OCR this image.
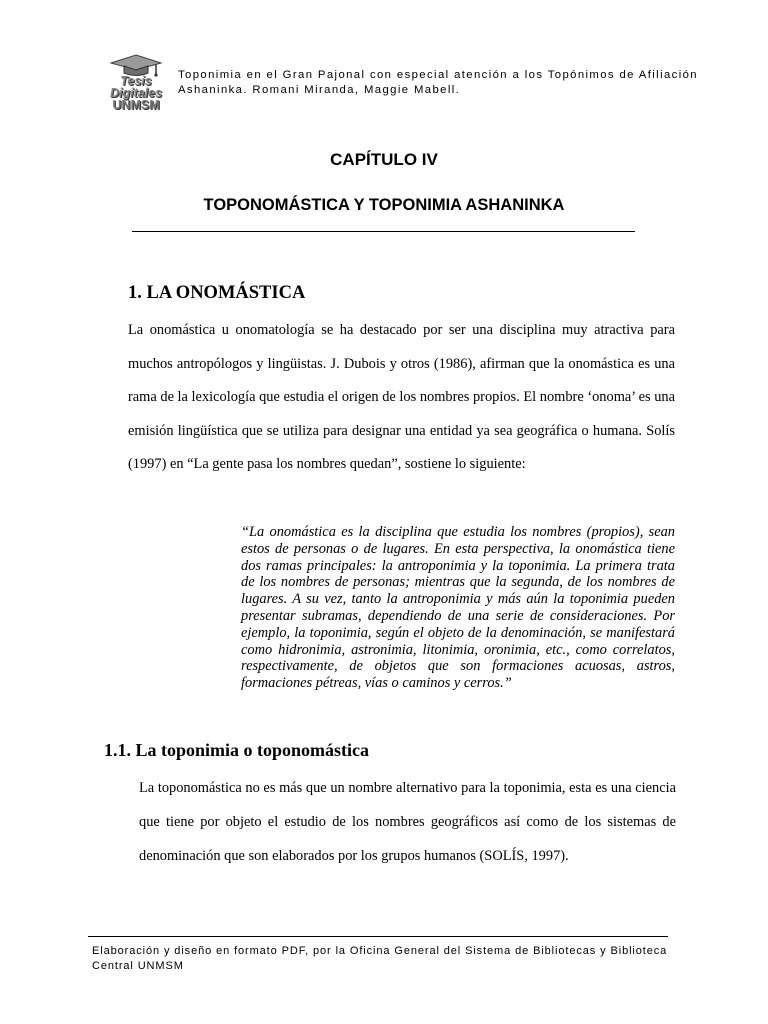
Tesis
Digitales
UNMSM
Toponimia en el Gran Pajonal con especial atención a los Topónimos de Afiliación Ashaninka. Romani Miranda, Maggie Mabell.
CAPÍTULO IV
TOPONOMÁSTICA Y TOPONIMIA ASHANINKA
1. LA ONOMÁSTICA

La onomástica u onomatología se ha destacado por ser una disciplina muy atractiva para muchos antropólogos y lingüistas. J. Dubois y otros (1986), afirman que la onomástica es una rama de la lexicología que estudia el origen de los nombres propios. El nombre ‘onoma’ es una emisión lingüística que se utiliza para designar una entidad ya sea geográfica o humana. Solís (1997) en “La gente pasa los nombres quedan”, sostiene lo siguiente:

“La onomástica es la disciplina que estudia los nombres (propios), sean estos de personas o de lugares. En esta perspectiva, la onomástica tiene dos ramas principales: la antroponimia y la toponimia. La primera trata de los nombres de personas; mientras que la segunda, de los nombres de lugares. A su vez, tanto la antroponimia y más aún la toponimia pueden presentar subramas, dependiendo de una serie de consideraciones. Por ejemplo, la toponimia, según el objeto de la denominación, se manifestará como hidronimia, astronimia, litonimia, oronimia, etc., como correlatos, respectivamente, de objetos que son formaciones acuosas, astros, formaciones pétreas, vías o caminos y cerros.”

1.1. La toponimia o toponomástica

La toponomástica no es más que un nombre alternativo para la toponimia, esta es una ciencia que tiene por objeto el estudio de los nombres geográficos así como de los sistemas de denominación que son elaborados por los grupos humanos (SOLÍS, 1997).

Elaboración y diseño en formato PDF, por la Oficina General del Sistema de Bibliotecas y Biblioteca Central UNMSM
